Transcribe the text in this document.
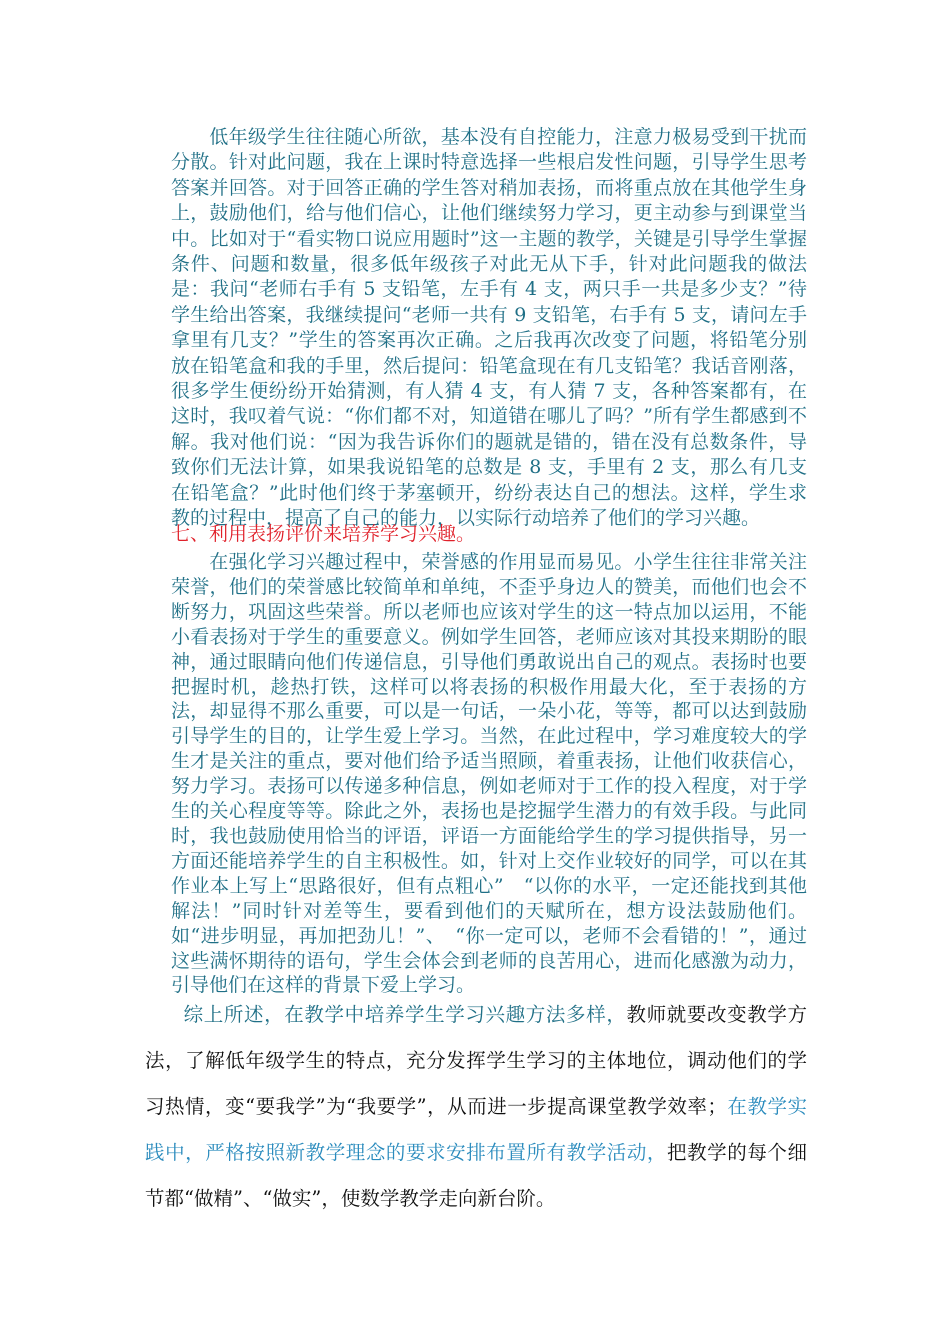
低年级学生往往随心所欲，基本没有自控能力，注意力极易受到干扰而分散。针对此问题，我在上课时特意选择一些根启发性问题，引导学生思考答案并回答。对于回答正确的学生答对稍加表扬，而将重点放在其他学生身上，鼓励他们，给与他们信心，让他们继续努力学习，更主动参与到课堂当中。比如对于“看实物口说应用题时”这一主题的教学，关键是引导学生掌握条件、问题和数量，很多低年级孩子对此无从下手，针对此问题我的做法是：我问“老师右手有 5 支铅笔，左手有 4 支，两只手一共是多少支？”待学生给出答案，我继续提问“老师一共有 9 支铅笔，右手有 5 支，请问左手拿里有几支？”学生的答案再次正确。之后我再次改变了问题，将铅笔分别放在铅笔盒和我的手里，然后提问：铅笔盒现在有几支铅笔？我话音刚落，很多学生便纷纷开始猜测，有人猜 4 支，有人猜 7 支，各种答案都有，在这时，我叹着气说：“你们都不对，知道错在哪儿了吗？”所有学生都感到不解。我对他们说：“因为我告诉你们的题就是错的，错在没有总数条件，导致你们无法计算，如果我说铅笔的总数是 8 支，手里有 2 支，那么有几支在铅笔盒？”此时他们终于茅塞顿开，纷纷表达自己的想法。这样，学生求教的过程中，提高了自己的能力，以实际行动培养了他们的学习兴趣。

七、利用表扬评价来培养学习兴趣。

在强化学习兴趣过程中，荣誉感的作用显而易见。小学生往往非常关注荣誉，他们的荣誉感比较简单和单纯，不歪乎身边人的赞美，而他们也会不断努力，巩固这些荣誉。所以老师也应该对学生的这一特点加以运用，不能小看表扬对于学生的重要意义。例如学生回答，老师应该对其投来期盼的眼神，通过眼睛向他们传递信息，引导他们勇敢说出自己的观点。表扬时也要把握时机，趁热打铁，这样可以将表扬的积极作用最大化，至于表扬的方法，却显得不那么重要，可以是一句话，一朵小花，等等，都可以达到鼓励引导学生的目的，让学生爱上学习。当然，在此过程中，学习难度较大的学生才是关注的重点，要对他们给予适当照顾，着重表扬，让他们收获信心，努力学习。表扬可以传递多种信息，例如老师对于工作的投入程度，对于学生的关心程度等等。除此之外，表扬也是挖掘学生潜力的有效手段。与此同时，我也鼓励使用恰当的评语，评语一方面能给学生的学习提供指导，另一方面还能培养学生的自主积极性。如，针对上交作业较好的同学，可以在其作业本上写上“思路很好，但有点粗心”　“以你的水平，一定还能找到其他解法！”同时针对差等生，要看到他们的天赋所在，想方设法鼓励他们。如“进步明显，再加把劲儿！”、　“你一定可以，老师不会看错的！”，通过这些满怀期待的语句，学生会体会到老师的良苦用心，进而化感激为动力，引导他们在这样的背景下爱上学习。

综上所述，在教学中培养学生学习兴趣方法多样，教师就要改变教学方法，了解低年级学生的特点，充分发挥学生学习的主体地位，调动他们的学习热情，变“要我学”为“我要学”，从而进一步提高课堂教学效率；在教学实践中，严格按照新教学理念的要求安排布置所有教学活动，把教学的每个细节都“做精”、“做实”，使数学教学走向新台阶。
